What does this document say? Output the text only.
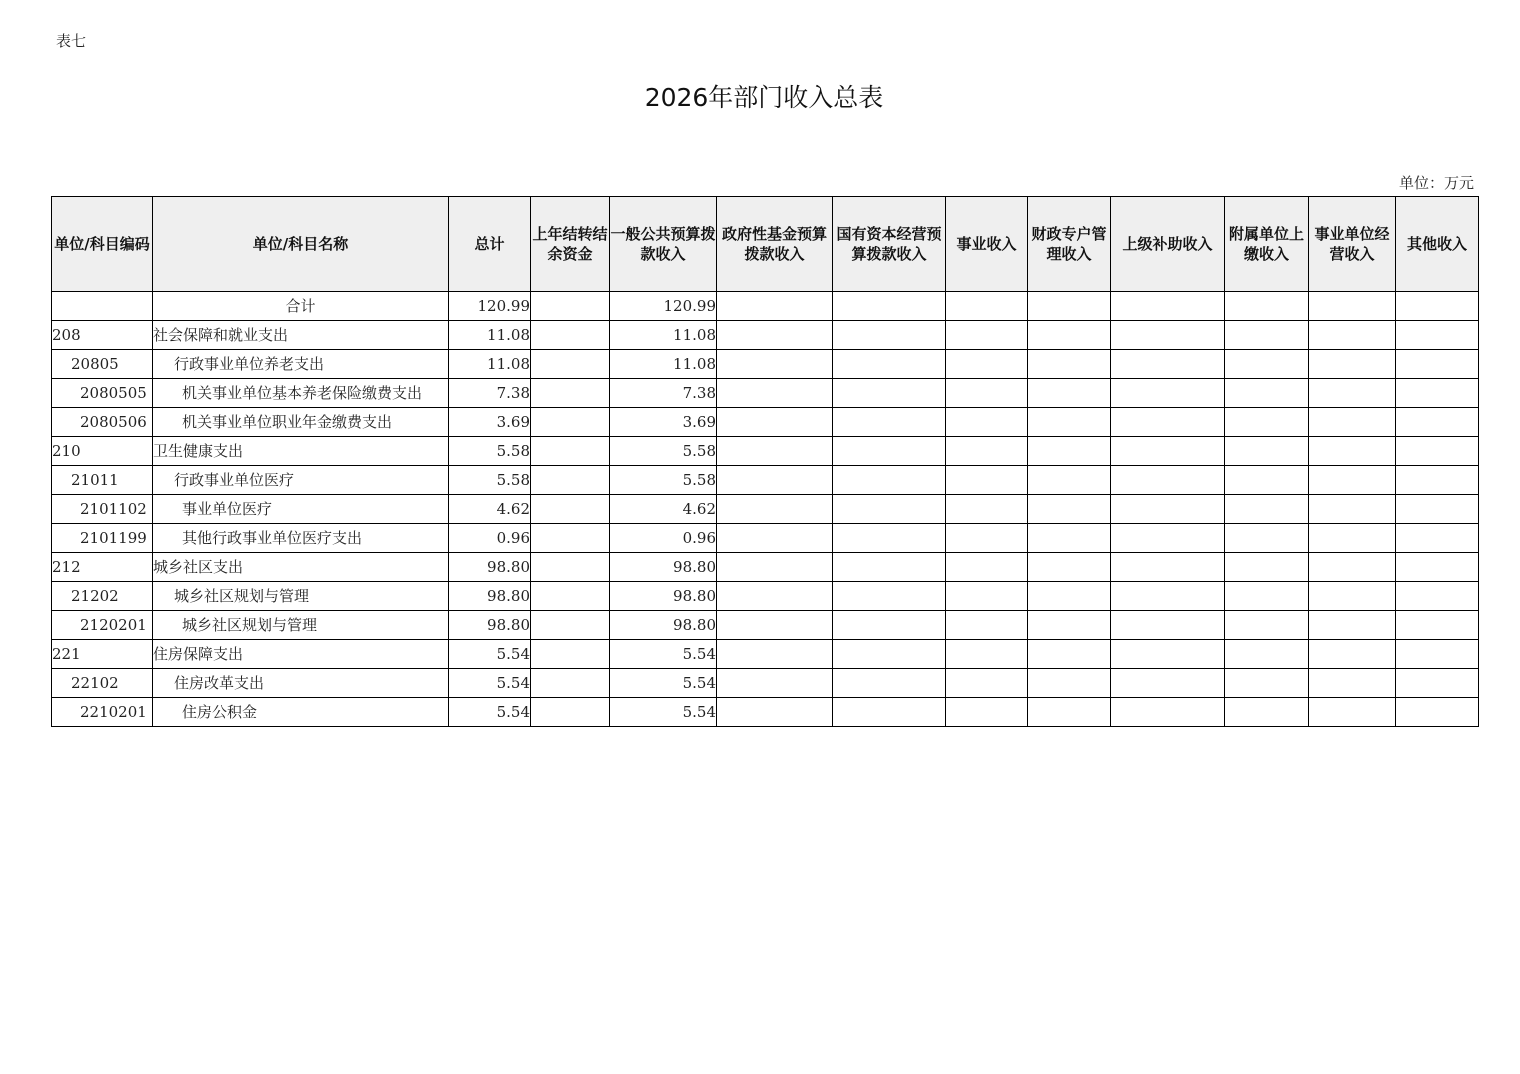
表七
2026年部门收入总表
单位：万元
单位/科目编码	单位/科目名称	总计	上年结转结余资金	一般公共预算拨款收入	政府性基金预算拨款收入	国有资本经营预算拨款收入	事业收入	财政专户管理收入	上级补助收入	附属单位上缴收入	事业单位经营收入	其他收入
	合计	120.99		120.99								
208	社会保障和就业支出	11.08		11.08								
20805	行政事业单位养老支出	11.08		11.08								
2080505	机关事业单位基本养老保险缴费支出	7.38		7.38								
2080506	机关事业单位职业年金缴费支出	3.69		3.69								
210	卫生健康支出	5.58		5.58								
21011	行政事业单位医疗	5.58		5.58								
2101102	事业单位医疗	4.62		4.62								
2101199	其他行政事业单位医疗支出	0.96		0.96								
212	城乡社区支出	98.80		98.80								
21202	城乡社区规划与管理	98.80		98.80								
2120201	城乡社区规划与管理	98.80		98.80								
221	住房保障支出	5.54		5.54								
22102	住房改革支出	5.54		5.54								
2210201	住房公积金	5.54		5.54								
